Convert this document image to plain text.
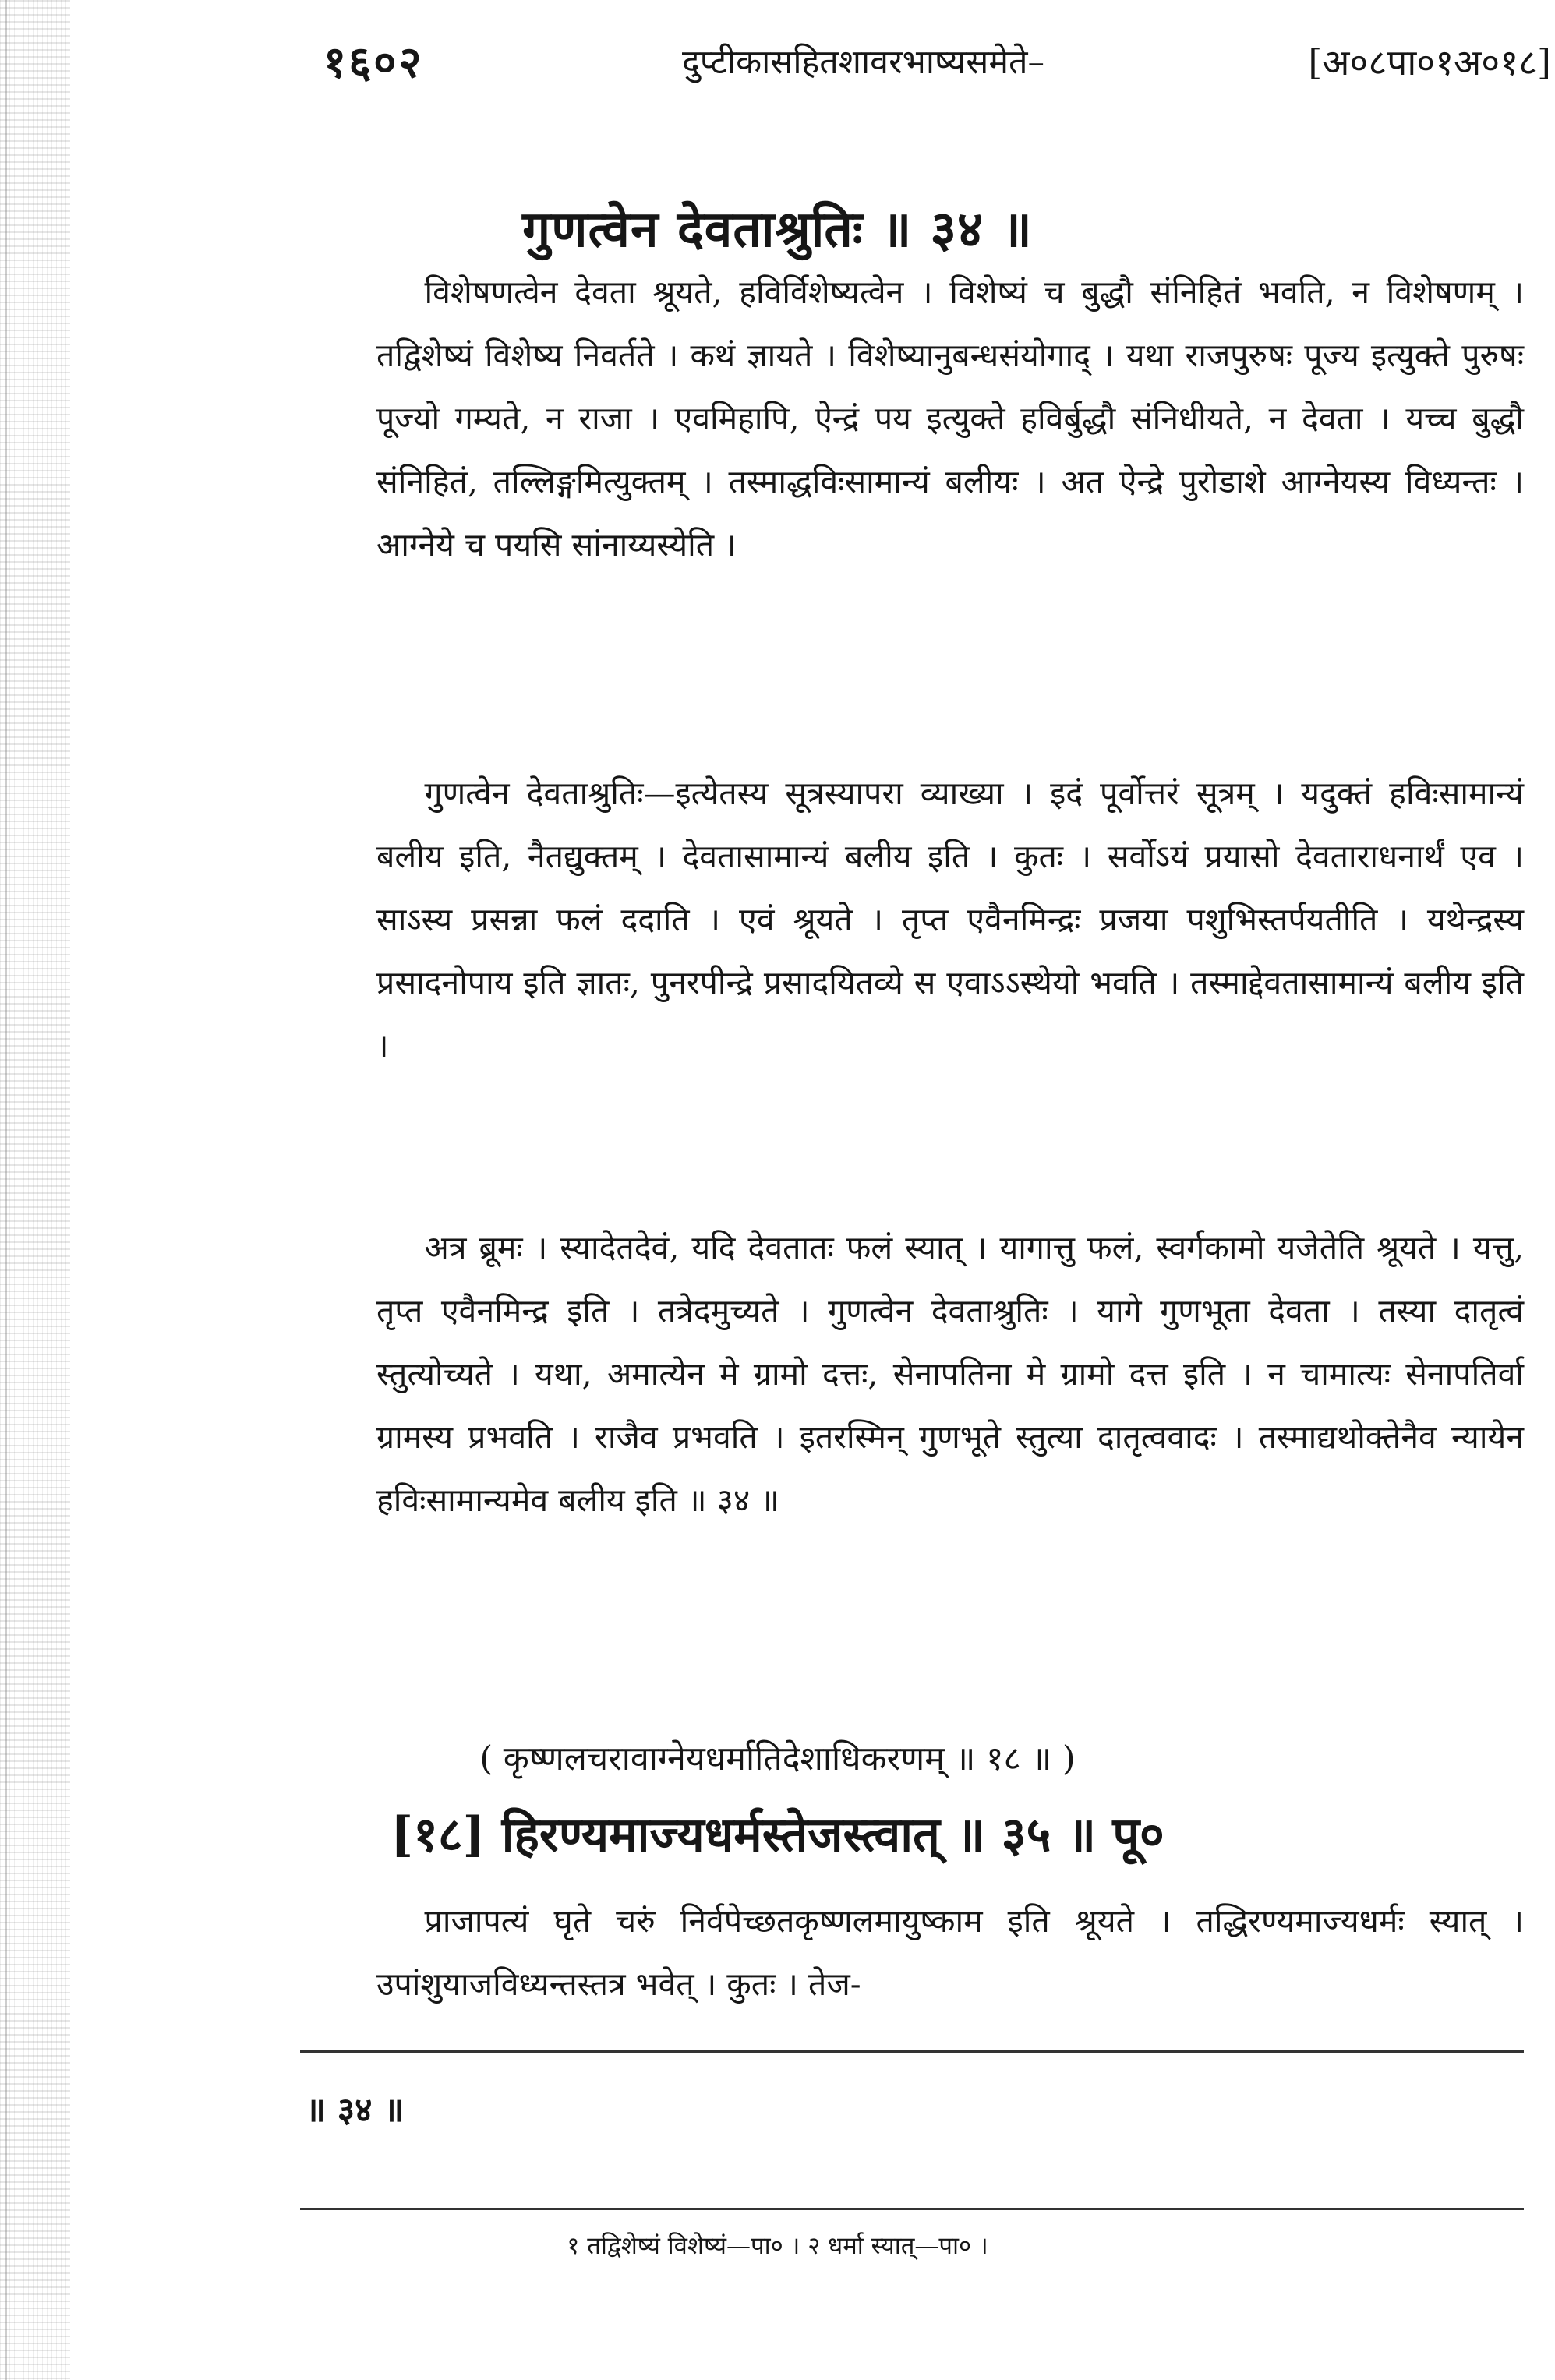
१६०२	दुप्टीकासहितशावरभाष्यसमेते–	[अ०८पा०१अ०१८]
गुणत्वेन देवताश्रुतिः ॥ ३४ ॥

विशेषणत्वेन देवता श्रूयते, हविर्विशेष्यत्वेन । विशेष्यं च बुद्धौ संनिहितं भवति, न विशेषणम् । तद्विशेष्यं विशेष्य निवर्तते । कथं ज्ञायते । विशेष्यानुबन्धसंयोगाद् । यथा राजपुरुषः पूज्य इत्युक्ते पुरुषः पूज्यो गम्यते, न राजा । एवमिहापि, ऐन्द्रं पय इत्युक्ते हविर्बुद्धौ संनिधीयते, न देवता । यच्च बुद्धौ संनिहितं, तल्लिङ्गमित्युक्तम् । तस्माद्धविःसामान्यं बलीयः । अत ऐन्द्रे पुरोडाशे आग्नेयस्य विध्यन्तः । आग्नेये च पयसि सांनाय्यस्येति ।

गुणत्वेन देवताश्रुतिः—इत्येतस्य सूत्रस्यापरा व्याख्या । इदं पूर्वोत्तरं सूत्रम् । यदुक्तं हविःसामान्यं बलीय इति, नैतद्युक्तम् । देवतासामान्यं बलीय इति । कुतः । सर्वोऽयं प्रयासो देवताराधनार्थं एव । साऽस्य प्रसन्ना फलं ददाति । एवं श्रूयते । तृप्त एवैनमिन्द्रः प्रजया पशुभिस्तर्पयतीति । यथेन्द्रस्य प्रसादनोपाय इति ज्ञातः, पुनरपीन्द्रे प्रसादयितव्ये स एवाऽऽस्थेयो भवति । तस्माद्देवतासामान्यं बलीय इति ।

अत्र ब्रूमः । स्यादेतदेवं, यदि देवतातः फलं स्यात् । यागात्तु फलं, स्वर्गकामो यजेतेति श्रूयते । यत्तु, तृप्त एवैनमिन्द्र इति । तत्रेदमुच्यते । गुणत्वेन देवताश्रुतिः । यागे गुणभूता देवता । तस्या दातृत्वं स्तुत्योच्यते । यथा, अमात्येन मे ग्रामो दत्तः, सेनापतिना मे ग्रामो दत्त इति । न चामात्यः सेनापतिर्वा ग्रामस्य प्रभवति । राजैव प्रभवति । इतरस्मिन् गुणभूते स्तुत्या दातृत्ववादः । तस्माद्यथोक्तेनैव न्यायेन हविःसामान्यमेव बलीय इति ॥ ३४ ॥

( कृष्णलचरावाग्नेयधर्मातिदेशाधिकरणम् ॥ १८ ॥ )
[१८] हिरण्यमाज्यधर्मस्तेजस्त्वात् ॥ ३५ ॥ पू०

प्राजापत्यं घृते चरुं निर्वपेच्छतकृष्णलमायुष्काम इति श्रूयते । तद्धिरण्यमाज्यधर्मः स्यात् । उपांशुयाजविध्यन्तस्तत्र भवेत् । कुतः । तेज-

॥ ३४ ॥
१ तद्विशेष्यं विशेष्यं—पा० । २ धर्मा स्यात्—पा० ।
